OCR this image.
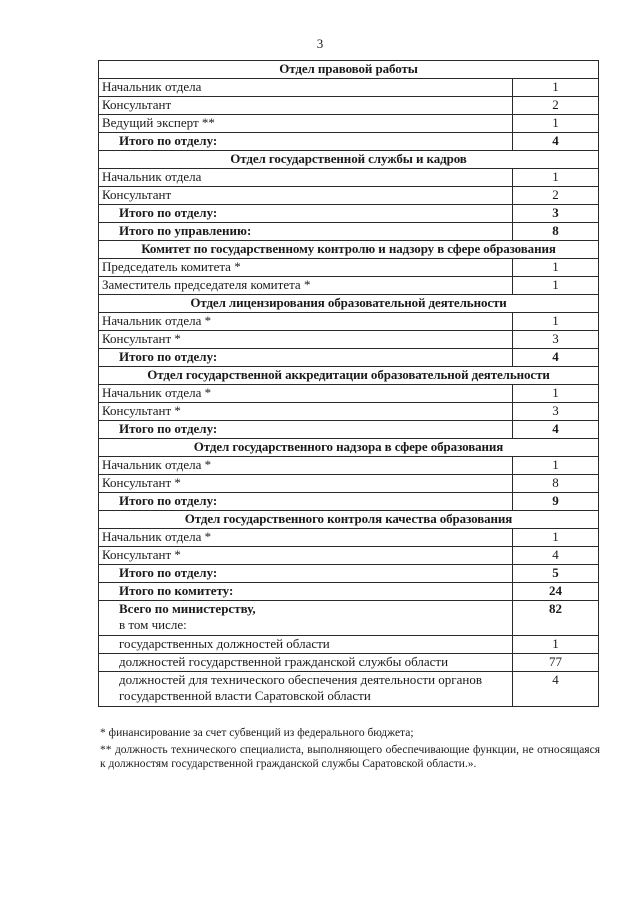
3
Отдел правовой работы	
Начальник отдела	1
Консультант	2
Ведущий эксперт **	1
Итого по отделу:	4
Отдел государственной службы и кадров	
Начальник отдела	1
Консультант	2
Итого по отделу:	3
Итого по управлению:	8
Комитет по государственному контролю и надзору в сфере образования	
Председатель комитета *	1
Заместитель председателя комитета *	1
Отдел лицензирования образовательной деятельности	
Начальник отдела *	1
Консультант *	3
Итого по отделу:	4
Отдел государственной аккредитации образовательной деятельности	
Начальник отдела *	1
Консультант *	3
Итого по отделу:	4
Отдел государственного надзора в сфере образования	
Начальник отдела *	1
Консультант *	8
Итого по отделу:	9
Отдел государственного контроля качества образования	
Начальник отдела *	1
Консультант *	4
Итого по отделу:	5
Итого по комитету:	24

Всего по министерству,
в том числе:	82
государственных должностей области	1
должностей государственной гражданской службы области	77
должностей для технического обеспечения деятельности органов государственной власти Саратовской области	4

* финансирование за счет субвенций из федерального бюджета;

** должность технического специалиста, выполняющего обеспечивающие функции, не относящаяся к должностям государственной гражданской службы Саратовской области.».
